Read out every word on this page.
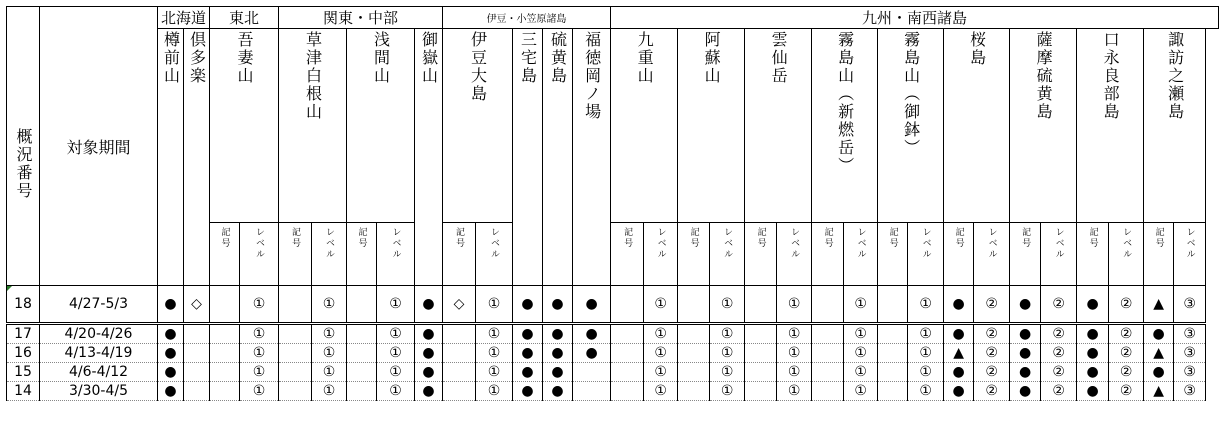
概況番号	対象期間	北海道		東北		関東・中部					伊豆・小笠原諸島					九州・南西諸島																	
		樽前山	倶多楽	吾妻山		草津白根山		浅間山		御嶽山	伊豆大島		三宅島	硫黄島	福徳岡ノ場	九重山		阿蘇山		雲仙岳		霧島山（新燃岳）		霧島山（御鉢）		桜島		薩摩硫黄島		口永良部島		諏訪之瀬島	
				記号	レベル	記号	レベル	記号	レベル		記号	レベル				記号	レベル	記号	レベル	記号	レベル	記号	レベル	記号	レベル	記号	レベル	記号	レベル	記号	レベル	記号	レベル
18	4/27-5/3	●	◇		①		①		①	●	◇	①	●	●	●		①		①		①		①		①	●	②	●	②	●	②	▲	③
17	4/20-4/26	●			①		①		①	●		①	●	●	●		①		①		①		①		①	●	②	●	②	●	②	●	③
16	4/13-4/19	●			①		①		①	●		①	●	●	●		①		①		①		①		①	▲	②	●	②	●	②	▲	③
15	4/6-4/12	●			①		①		①	●		①	●	●			①		①		①		①		①	●	②	●	②	●	②	●	③
14	3/30-4/5	●			①		①		①	●		①	●	●			①		①		①		①		①	●	②	●	②	●	②	▲	③
